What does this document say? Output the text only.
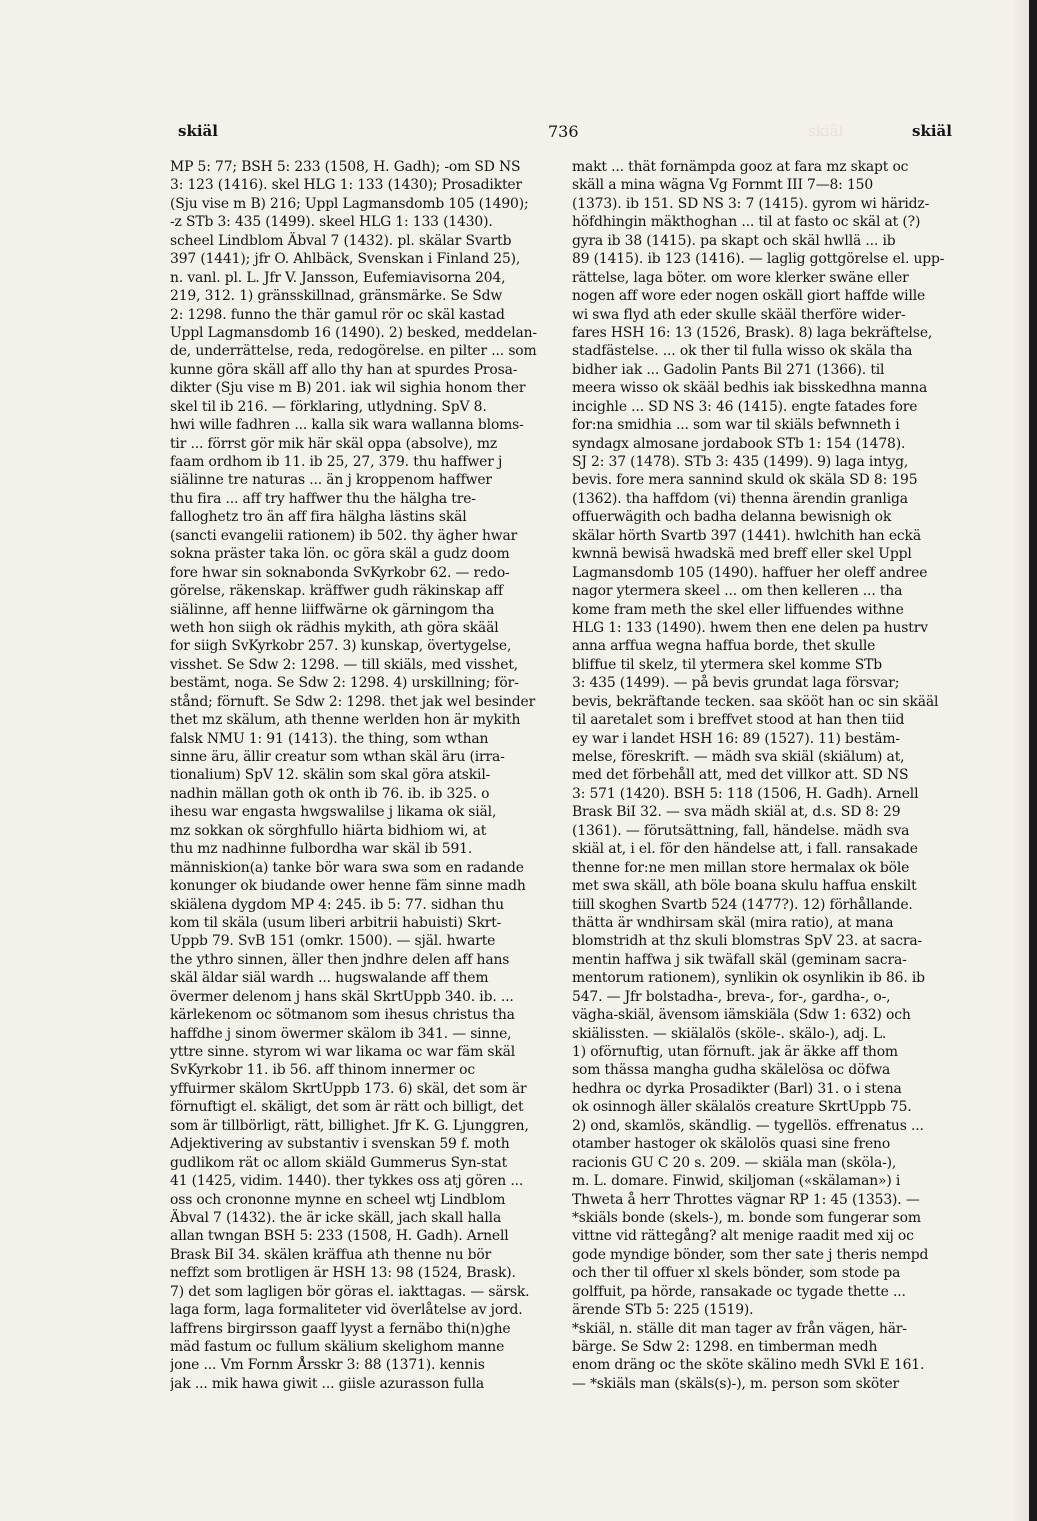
skiäl	736	skiäl	skiäl
MP 5: 77; BSH 5: 233 (1508, H. Gadh); -om SD NS
3: 123 (1416). skel HLG 1: 133 (1430); Prosadikter
(Sju vise m B) 216; Uppl Lagmansdomb 105 (1490);
-z STb 3: 435 (1499). skeel HLG 1: 133 (1430).
scheel Lindblom Äbval 7 (1432). pl. skälar Svartb
397 (1441); jfr O. Ahlbäck, Svenskan i Finland 25),
n. vanl. pl. L. Jfr V. Jansson, Eufemiavisorna 204,
219, 312. 1) gränsskillnad, gränsmärke. Se Sdw
2: 1298. funno the thär gamul rör oc skäl kastad
Uppl Lagmansdomb 16 (1490). 2) besked, meddelan-
de, underrättelse, reda, redogörelse. en pilter ... som
kunne göra skäll aff allo thy han at spurdes Prosa-
dikter (Sju vise m B) 201. iak wil sighia honom ther
skel til ib 216. — förklaring, utlydning. SpV 8.
hwi wille fadhren ... kalla sik wara wallanna bloms-
tir ... förrst gör mik här skäl oppa (absolve), mz
faam ordhom ib 11. ib 25, 27, 379. thu haffwer j
siälinne tre naturas ... än j kroppenom haffwer
thu fira ... aff try haffwer thu the hälgha tre-
falloghetz tro än aff fira hälgha lästins skäl
(sancti evangelii rationem) ib 502. thy ägher hwar
sokna präster taka lön. oc göra skäl a gudz doom
fore hwar sin soknabonda SvKyrkobr 62. — redo-
görelse, räkenskap. kräffwer gudh räkinskap aff
siälinne, aff henne liiffwärne ok gärningom tha
weth hon siigh ok rädhis mykith, ath göra skääl
for siigh SvKyrkobr 257. 3) kunskap, övertygelse,
visshet. Se Sdw 2: 1298. — till skiäls, med visshet,
bestämt, noga. Se Sdw 2: 1298. 4) urskillning; för-
stånd; förnuft. Se Sdw 2: 1298. thet jak wel besinder
thet mz skälum, ath thenne werlden hon är mykith
falsk NMU 1: 91 (1413). the thing, som wthan
sinne äru, ällir creatur som wthan skäl äru (irra-
tionalium) SpV 12. skälin som skal göra atskil-
nadhin mällan goth ok onth ib 76. ib. ib 325. o
ihesu war engasta hwgswalilse j likama ok siäl,
mz sokkan ok sörghfullo hiärta bidhiom wi, at
thu mz nadhinne fulbordha war skäl ib 591.
människion(a) tanke bör wara swa som en radande
konunger ok biudande ower henne fäm sinne madh
skiälena dygdom MP 4: 245. ib 5: 77. sidhan thu
kom til skäla (usum liberi arbitrii habuisti) Skrt-
Uppb 79. SvB 151 (omkr. 1500). — själ. hwarte
the ythro sinnen, äller then jndhre delen aff hans
skäl äldar siäl wardh ... hugswalande aff them
övermer delenom j hans skäl SkrtUppb 340. ib. ...
kärlekenom oc sötmanom som ihesus christus tha
haffdhe j sinom öwermer skälom ib 341. — sinne,
yttre sinne. styrom wi war likama oc war fäm skäl
SvKyrkobr 11. ib 56. aff thinom innermer oc
yffuirmer skälom SkrtUppb 173. 6) skäl, det som är
förnuftigt el. skäligt, det som är rätt och billigt, det
som är tillbörligt, rätt, billighet. Jfr K. G. Ljunggren,
Adjektivering av substantiv i svenskan 59 f. moth
gudlikom rät oc allom skiäld Gummerus Syn-stat
41 (1425, vidim. 1440). ther tykkes oss atj gören ...
oss och crononne mynne en scheel wtj Lindblom
Äbval 7 (1432). the är icke skäll, jach skall halla
allan twngan BSH 5: 233 (1508, H. Gadh). Arnell
Brask BiI 34. skälen kräffua ath thenne nu bör
neffzt som brotligen är HSH 13: 98 (1524, Brask).
7) det som lagligen bör göras el. iakttagas. — särsk.
laga form, laga formaliteter vid överlåtelse av jord.
laffrens birgirsson gaaff lyyst a fernäbo thi(n)ghe
mäd fastum oc fullum skälium skelighom manne
jone ... Vm Fornm Årsskr 3: 88 (1371). kennis
jak ... mik hawa giwit ... giisle azurasson fulla
makt ... thät fornämpda gooz at fara mz skapt oc
skäll a mina wägna Vg Fornmt III 7—8: 150
(1373). ib 151. SD NS 3: 7 (1415). gyrom wi häridz-
höfdhingin mäkthoghan ... til at fasto oc skäl at (?)
gyra ib 38 (1415). pa skapt och skäl hwllä ... ib
89 (1415). ib 123 (1416). — laglig gottgörelse el. upp-
rättelse, laga böter. om wore klerker swäne eller
nogen aff wore eder nogen oskäll giort haffde wille
wi swa flyd ath eder skulle skääl therföre wider-
fares HSH 16: 13 (1526, Brask). 8) laga bekräftelse,
stadfästelse. ... ok ther til fulla wisso ok skäla tha
bidher iak ... Gadolin Pants Bil 271 (1366). til
meera wisso ok skääl bedhis iak bisskedhna manna
incighle ... SD NS 3: 46 (1415). engte fatades fore
for:na smidhia ... som war til skiäls befwnneth i
syndagx almosane jordabook STb 1: 154 (1478).
SJ 2: 37 (1478). STb 3: 435 (1499). 9) laga intyg,
bevis. fore mera sannind skuld ok skäla SD 8: 195
(1362). tha haffdom (vi) thenna ärendin granliga
offuerwägith och badha delanna bewisnigh ok
skälar hörth Svartb 397 (1441). hwlchith han eckä
kwnnä bewisä hwadskä med breff eller skel Uppl
Lagmansdomb 105 (1490). haffuer her oleff andree
nagor ytermera skeel ... om then kelleren ... tha
kome fram meth the skel eller liffuendes withne
HLG 1: 133 (1490). hwem then ene delen pa hustrv
anna arffua wegna haffua borde, thet skulle
bliffue til skelz, til ytermera skel komme STb
3: 435 (1499). — på bevis grundat laga försvar;
bevis, bekräftande tecken. saa skööt han oc sin skääl
til aaretalet som i breffvet stood at han then tiid
ey war i landet HSH 16: 89 (1527). 11) bestäm-
melse, föreskrift. — mädh sva skiäl (skiälum) at,
med det förbehåll att, med det villkor att. SD NS
3: 571 (1420). BSH 5: 118 (1506, H. Gadh). Arnell
Brask BiI 32. — sva mädh skiäl at, d.s. SD 8: 29
(1361). — förutsättning, fall, händelse. mädh sva
skiäl at, i el. för den händelse att, i fall. ransakade
thenne for:ne men millan store hermalax ok böle
met swa skäll, ath böle boana skulu haffua enskilt
tiill skoghen Svartb 524 (1477?). 12) förhållande.
thätta är wndhirsam skäl (mira ratio), at mana
blomstridh at thz skuli blomstras SpV 23. at sacra-
mentin haffwa j sik twäfall skäl (geminam sacra-
mentorum rationem), synlikin ok osynlikin ib 86. ib
547. — Jfr bolstadha-, breva-, for-, gardha-, o-,
vägha-skiäl, ävensom iämskiäla (Sdw 1: 632) och
skiälissten. — skiälalös (sköle-. skälo-), adj. L.
1) oförnuftig, utan förnuft. jak är äkke aff thom
som thässa mangha gudha skälelösa oc döfwa
hedhra oc dyrka Prosadikter (Barl) 31. o i stena
ok osinnogh äller skälalös creature SkrtUppb 75.
2) ond, skamlös, skändlig. — tygellös. effrenatus ...
otamber hastoger ok skälolös quasi sine freno
racionis GU C 20 s. 209. — skiäla man (sköla-),
m. L. domare. Finwid, skiljoman («skälaman») i
Thweta å herr Throttes vägnar RP 1: 45 (1353). —
*skiäls bonde (skels-), m. bonde som fungerar som
vittne vid rättegång? alt menige raadit med xij oc
gode myndige bönder, som ther sate j theris nempd
och ther til offuer xl skels bönder, som stode pa
golffuit, pa hörde, ransakade oc tygade thette ...
ärende STb 5: 225 (1519).
*skiäl, n. ställe dit man tager av från vägen, här-
bärge. Se Sdw 2: 1298. en timberman medh
enom dräng oc the sköte skälino medh SVkl E 161.
— *skiäls man (skäls(s)-), m. person som sköter
